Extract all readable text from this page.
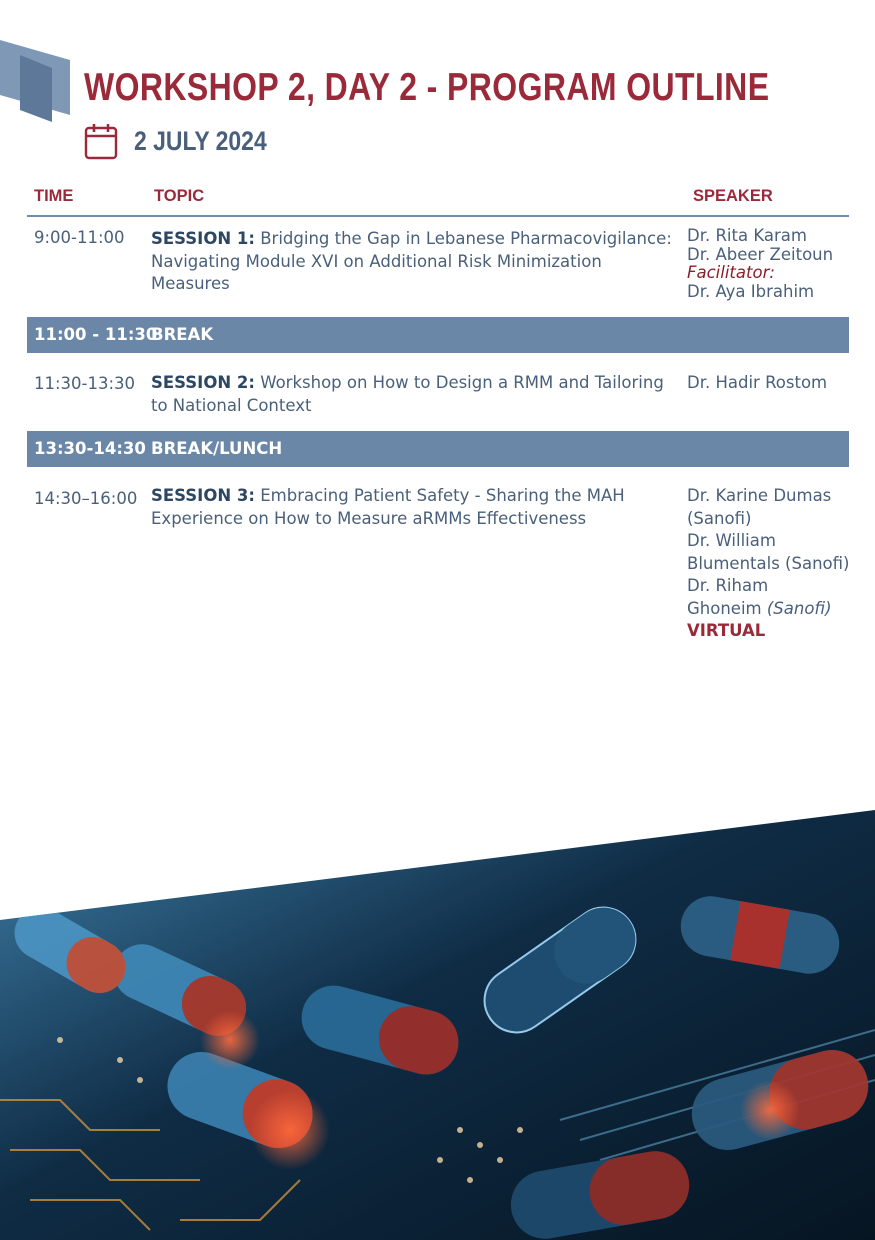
WORKSHOP 2, DAY 2 - PROGRAM OUTLINE
2 JULY 2024
TIME	TOPIC	SPEAKER
9:00-11:00 SESSION 1: Bridging the Gap in Lebanese Pharmacovigilance: Navigating Module XVI on Additional Risk Minimization Measures
Dr. Rita Karam
Dr. Abeer Zeitoun
Facilitator:
Dr. Aya Ibrahim
11:00 - 11:30
BREAK
11:30-13:30 SESSION 2: Workshop on How to Design a RMM and Tailoring to National Context
Dr. Hadir Rostom
13:30-14:30 BREAK/LUNCH
14:30–16:00 SESSION 3: Embracing Patient Safety - Sharing the MAH Experience on How to Measure aRMMs Effectiveness
Dr. Karine Dumas (Sanofi)
Dr. William
Blumentals (Sanofi)
Dr. Riham
Ghoneim (Sanofi)
VIRTUAL
